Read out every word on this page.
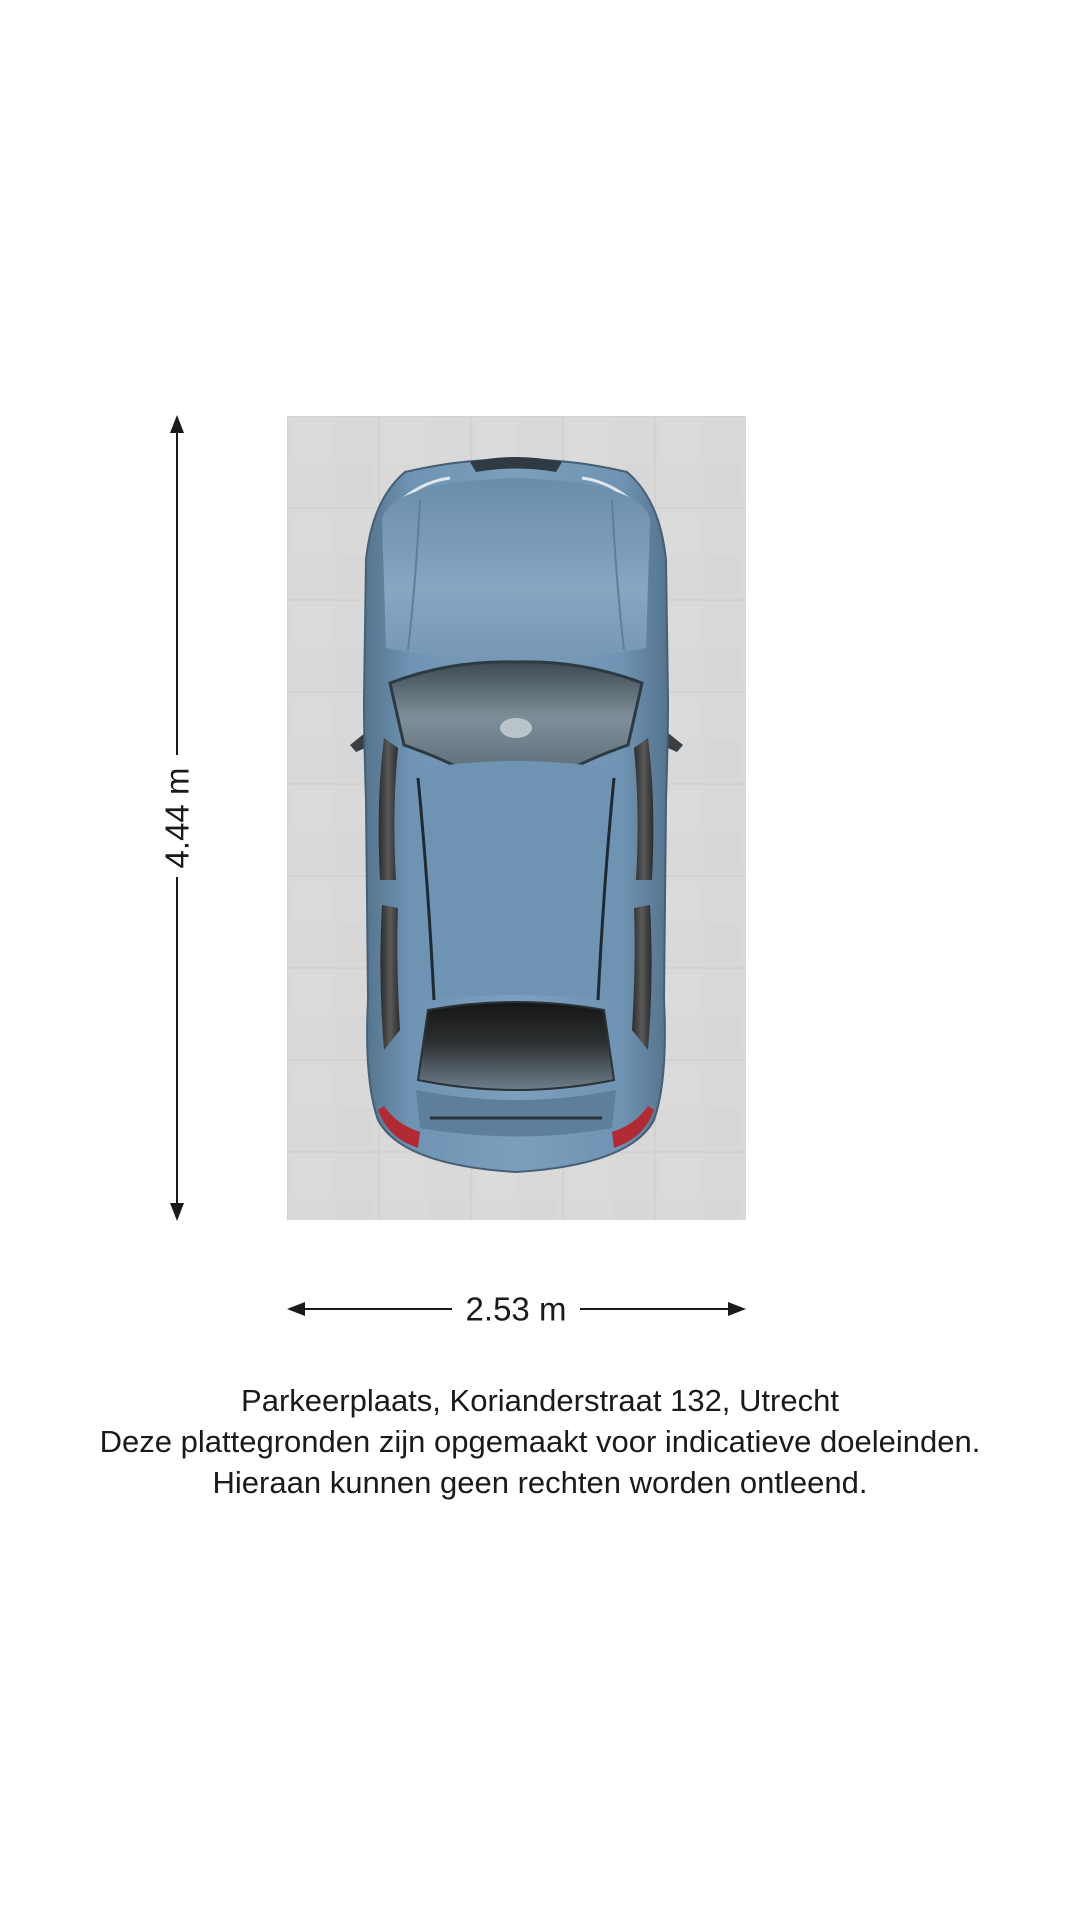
4.44 m
2.53 m
Parkeerplaats, Korianderstraat 132, Utrecht
Deze plattegronden zijn opgemaakt voor indicatieve doeleinden.
Hieraan kunnen geen rechten worden ontleend.
